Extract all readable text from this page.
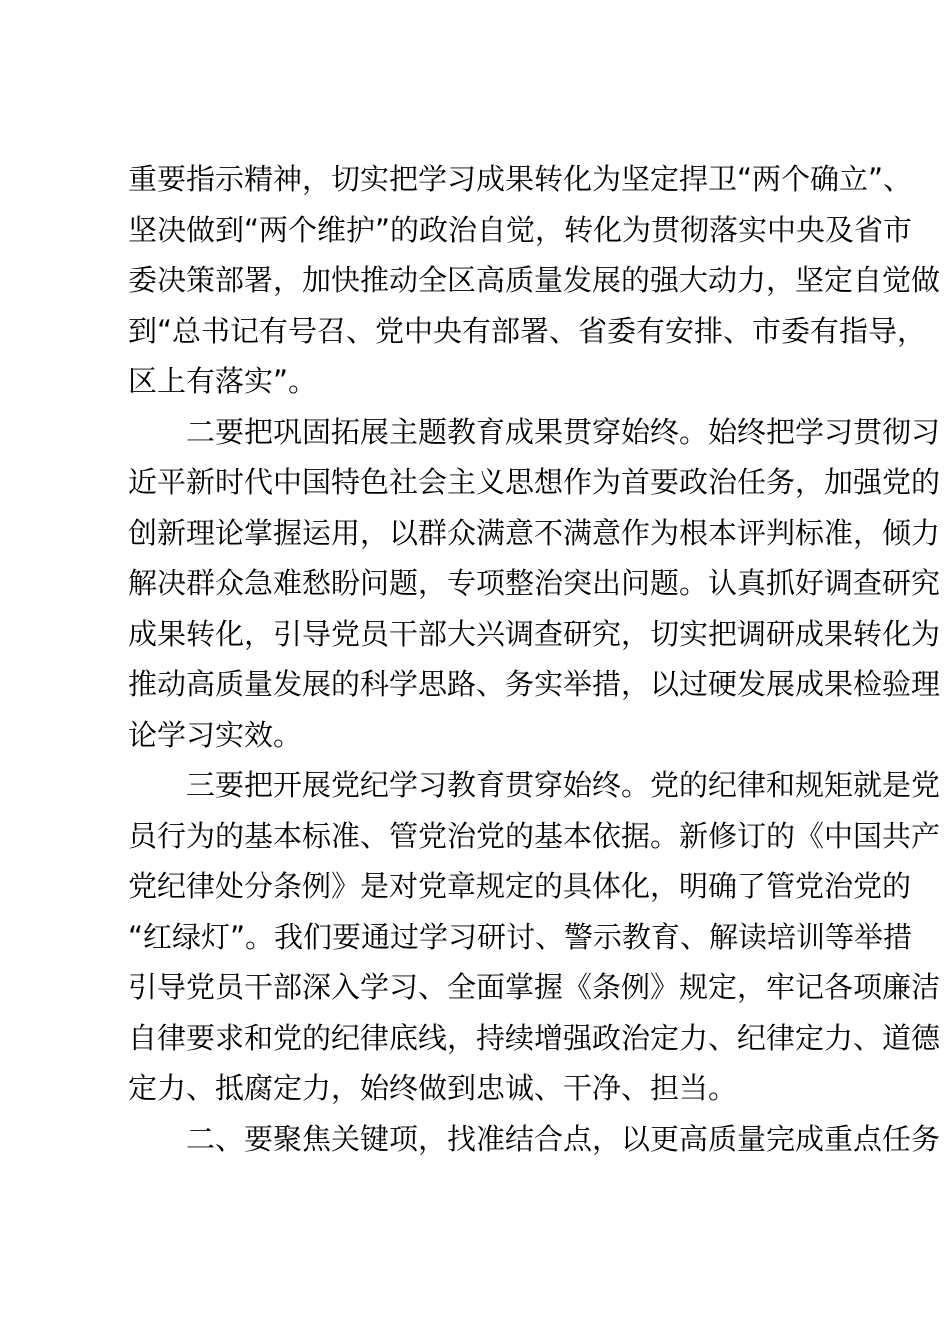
重要指示精神，切实把学习成果转化为坚定捍卫“两个确立”、
坚决做到“两个维护”的政治自觉，转化为贯彻落实中央及省市
委决策部署，加快推动全区高质量发展的强大动力，坚定自觉做
到“总书记有号召、党中央有部署、省委有安排、市委有指导，
区上有落实”。

　　二要把巩固拓展主题教育成果贯穿始终。始终把学习贯彻习
近平新时代中国特色社会主义思想作为首要政治任务，加强党的
创新理论掌握运用，以群众满意不满意作为根本评判标准，倾力
解决群众急难愁盼问题，专项整治突出问题。认真抓好调查研究
成果转化，引导党员干部大兴调查研究，切实把调研成果转化为
推动高质量发展的科学思路、务实举措，以过硬发展成果检验理
论学习实效。

　　三要把开展党纪学习教育贯穿始终。党的纪律和规矩就是党
员行为的基本标准、管党治党的基本依据。新修订的《中国共产
党纪律处分条例》是对党章规定的具体化，明确了管党治党的
“红绿灯”。我们要通过学习研讨、警示教育、解读培训等举措
引导党员干部深入学习、全面掌握《条例》规定，牢记各项廉洁
自律要求和党的纪律底线，持续增强政治定力、纪律定力、道德
定力、抵腐定力，始终做到忠诚、干净、担当。

　　二、要聚焦关键项，找准结合点，以更高质量完成重点任务
